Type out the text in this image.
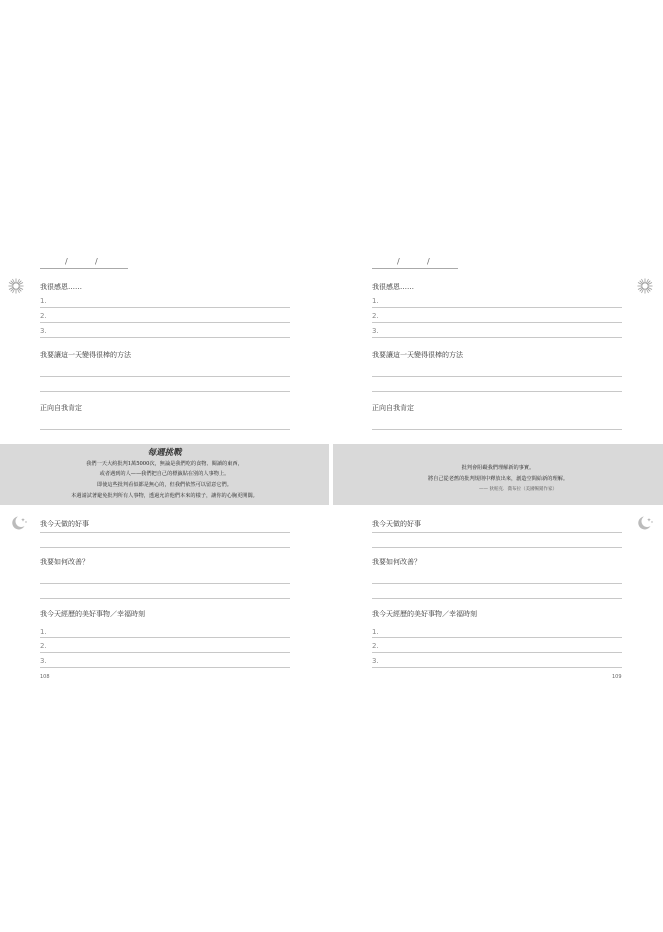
/	/
我很感恩……
1.
2.
3.
我要讓這一天變得很棒的方法
正向自我肯定
每週挑戰
我們一天大約批判1萬5000次，無論是我們吃的食物、閱讀的東西，
或者遇到的人——我們把自己的標籤貼在別的人事物上。
即使這些批判看似都是無心的，但我們依然可以留意它們。
本週請試著避免批判所有人事物，透過允許他們本來的樣子，讓你的心胸更開闊。
我今天做的好事
我要如何改善？
我今天經歷的美好事物／幸福時刻
1.
2.
3.
108
/	/
我很感恩……
1.
2.
3.
我要讓這一天變得很棒的方法
正向自我肯定
批判會阻礙我們理解新的事實。
將自己從老舊的批判規則中釋放出來，創造空間給新的理解。
—— 狄帕克．喬布拉（美國暢銷作家）
我今天做的好事
我要如何改善？
我今天經歷的美好事物／幸福時刻
1.
2.
3.
109
